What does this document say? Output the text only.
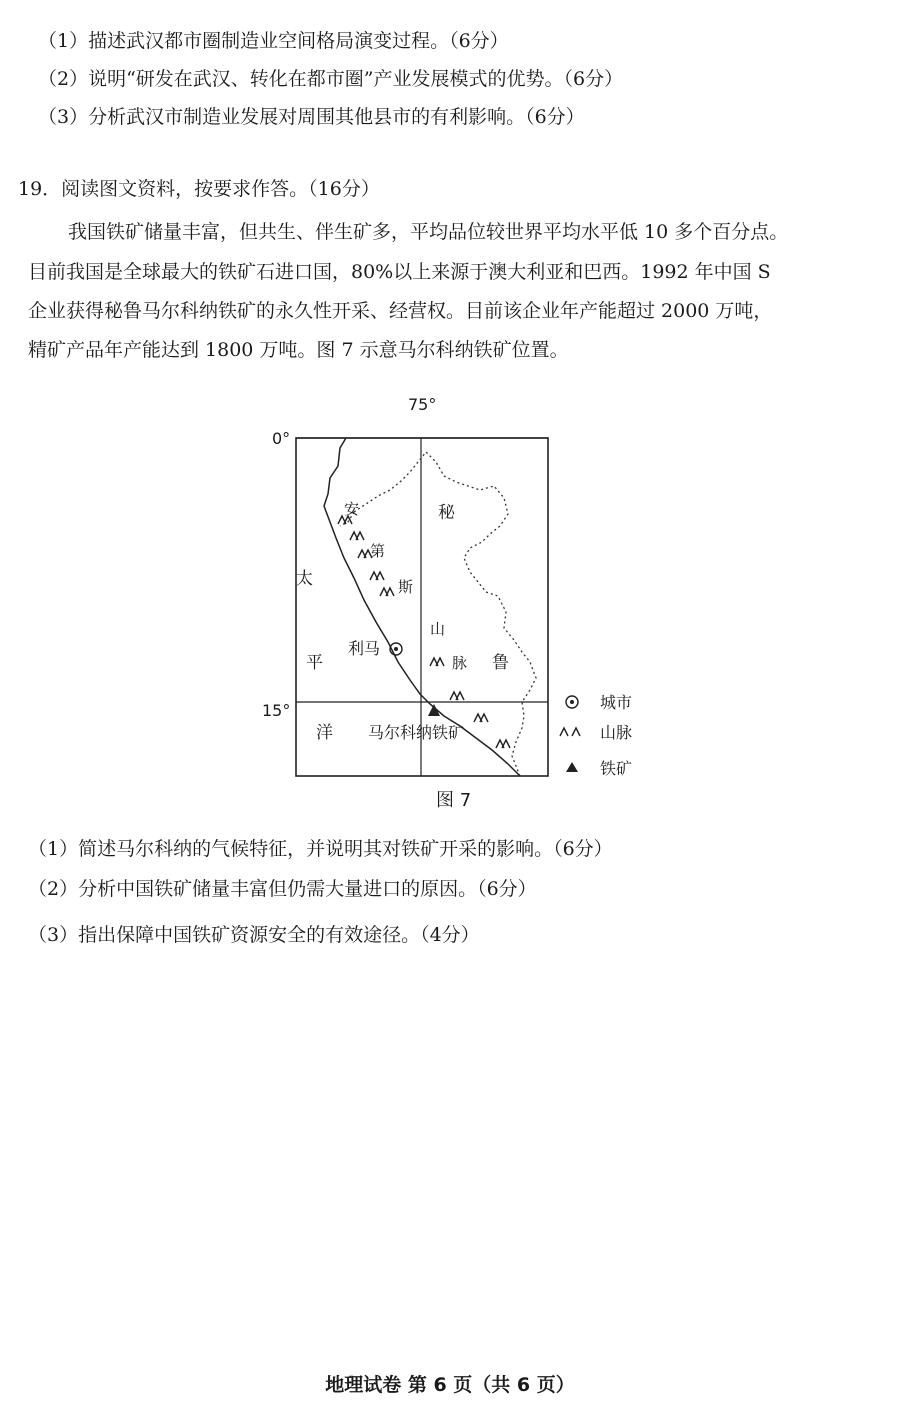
（1）描述武汉都市圈制造业空间格局演变过程。（6分）
（2）说明“研发在武汉、转化在都市圈”产业发展模式的优势。（6分）
（3）分析武汉市制造业发展对周围其他县市的有利影响。（6分）
19．阅读图文资料，按要求作答。（16分）
我国铁矿储量丰富，但共生、伴生矿多，平均品位较世界平均水平低 10 多个百分点。
目前我国是全球最大的铁矿石进口国，80%以上来源于澳大利亚和巴西。1992 年中国 S
企业获得秘鲁马尔科纳铁矿的永久性开采、经营权。目前该企业年产能超过 2000 万吨，
精矿产品年产能达到 1800 万吨。图 7 示意马尔科纳铁矿位置。
75°
0°
15°
安
第
斯
山
脉
太
平
洋
秘
鲁
利马
马尔科纳铁矿
城市
山脉
铁矿
图 7
（1）简述马尔科纳的气候特征，并说明其对铁矿开采的影响。（6分）
（2）分析中国铁矿储量丰富但仍需大量进口的原因。（6分）
（3）指出保障中国铁矿资源安全的有效途径。（4分）
地理试卷 第 6 页（共 6 页）
